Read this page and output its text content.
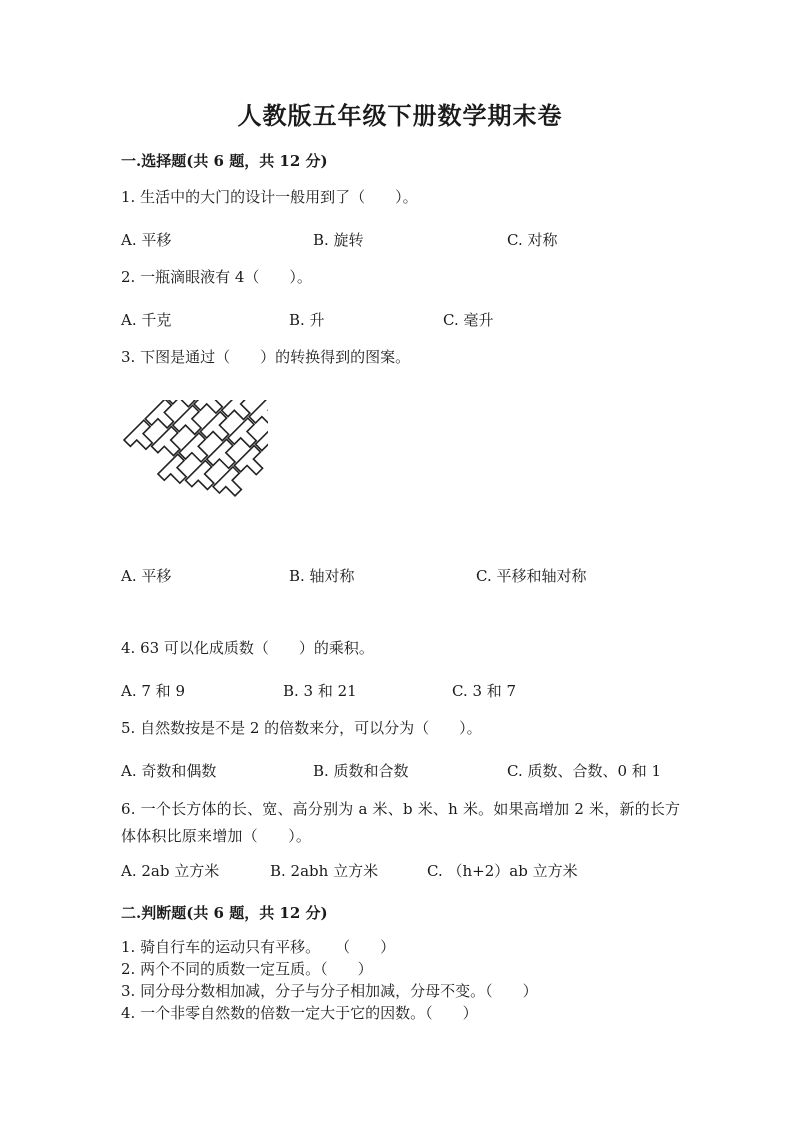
人教版五年级下册数学期末卷
一.选择题(共 6 题，共 12 分)
1. 生活中的大门的设计一般用到了（　　）。
A. 平移	B. 旋转	C. 对称
2. 一瓶滴眼液有 4（　　）。
A. 千克	B. 升	C. 毫升
3. 下图是通过（　　）的转换得到的图案。
A. 平移	B. 轴对称	C. 平移和轴对称
4. 63 可以化成质数（　　）的乘积。
A. 7 和 9	B. 3 和 21	C. 3 和 7
5. 自然数按是不是 2 的倍数来分，可以分为（　　）。
A. 奇数和偶数	B. 质数和合数	C. 质数、合数、0 和 1
6. 一个长方体的长、宽、高分别为 a 米、b 米、h 米。如果高增加 2 米，新的长方体体积比原来增加（　　）。
A. 2ab 立方米	B. 2abh 立方米	C. （h+2）ab 立方米
二.判断题(共 6 题，共 12 分)
1. 骑自行车的运动只有平移。　　（　　）
2. 两个不同的质数一定互质。（　　）
3. 同分母分数相加减，分子与分子相加减，分母不变。（　　）
4. 一个非零自然数的倍数一定大于它的因数。（　　）
